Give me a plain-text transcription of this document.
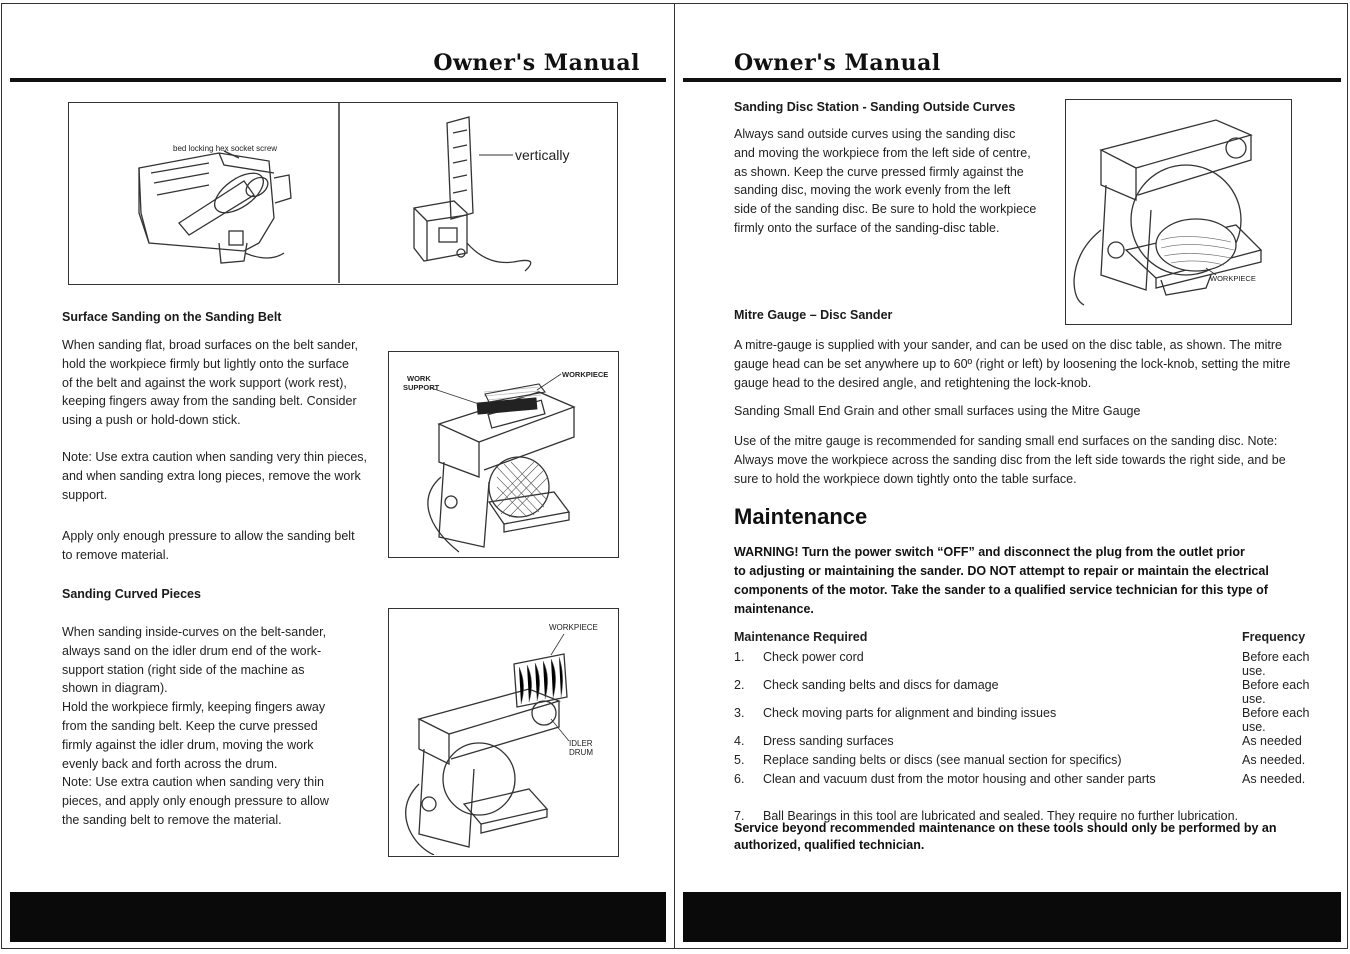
Owner's Manual
bed locking hex socket screw	vertically
Surface Sanding on the Sanding Belt
When sanding flat, broad surfaces on the belt sander,
hold the workpiece firmly but lightly onto the surface
of the belt and against the work support (work rest),
keeping fingers away from the sanding belt. Consider
using a push or hold-down stick.
Note: Use extra caution when sanding very thin pieces,
and when sanding extra long pieces, remove the work
support.
Apply only enough pressure to allow the sanding belt
to remove material.
WORK
SUPPORT
WORKPIECE
Sanding Curved Pieces
When sanding inside-curves on the belt-sander,
always sand on the idler drum end of the work-
support station (right side of the machine as
shown in diagram).
Hold the workpiece firmly, keeping fingers away
from the sanding belt. Keep the curve pressed
firmly against the idler drum, moving the work
evenly back and forth across the drum.
Note: Use extra caution when sanding very thin
pieces, and apply only enough pressure to allow
the sanding belt to remove the material.
WORKPIECE
IDLER
DRUM
Owner's Manual
Sanding Disc Station - Sanding Outside Curves
Always sand outside curves using the sanding disc
and moving the workpiece from the left side of centre,
as shown. Keep the curve pressed firmly against the
sanding disc, moving the work evenly from the left
side of the sanding disc. Be sure to hold the workpiece
firmly onto the surface of the sanding-disc table.
WORKPIECE
Mitre Gauge – Disc Sander
A mitre-gauge is supplied with your sander, and can be used on the disc table, as shown. The mitre
gauge head can be set anywhere up to 60º (right or left) by loosening the lock-knob, setting the mitre
gauge head to the desired angle, and retightening the lock-knob.
Sanding Small End Grain and other small surfaces using the Mitre Gauge
Use of the mitre gauge is recommended for sanding small end surfaces on the sanding disc. Note:
Always move the workpiece across the sanding disc from the left side towards the right side, and be
sure to hold the workpiece down tightly onto the table surface.
Maintenance
WARNING! Turn the power switch “OFF” and disconnect the plug from the outlet prior
to adjusting or maintaining the sander. DO NOT attempt to repair or maintain the electrical
components of the motor. Take the sander to a qualified service technician for this type of
maintenance.
Maintenance Required		Frequency
1.	Check power cord	Before each use.
2.	Check sanding belts and discs for damage	Before each use.
3.	Check moving parts for alignment and binding issues	Before each use.
4.	Dress sanding surfaces	As needed
5.	Replace sanding belts or discs (see manual section for specifics)	As needed.
6.	Clean and vacuum dust from the motor housing and other sander parts	As needed.

7.	Ball Bearings in this tool are lubricated and sealed. They require no further lubrication.	
Service beyond recommended maintenance on these tools should only be performed by an
authorized, qualified technician.
